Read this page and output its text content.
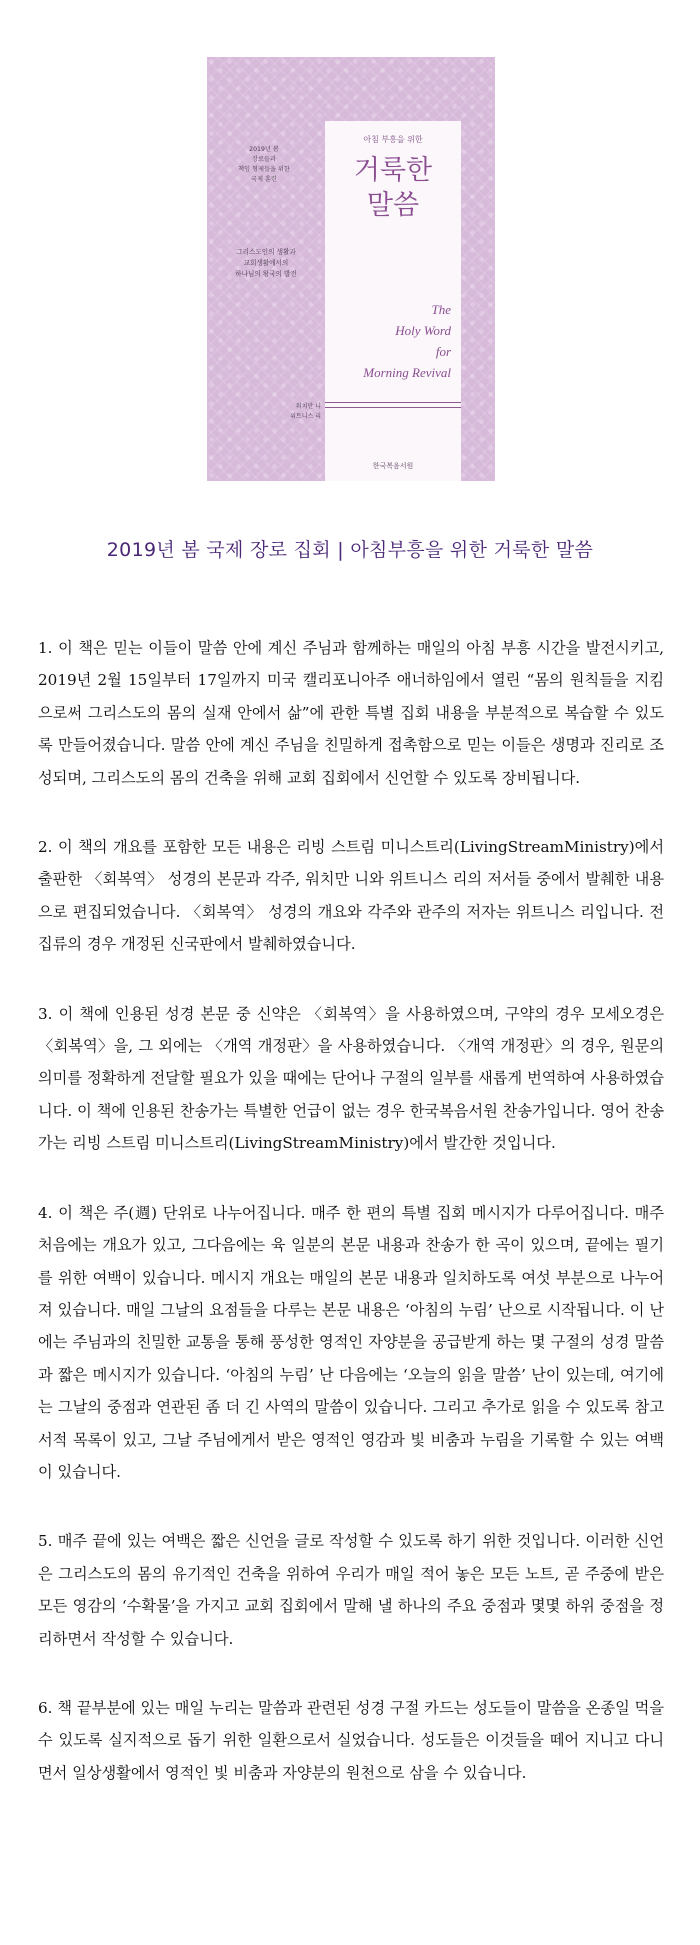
2019년 봄
장로들과
책임 형제들을 위한
국제 훈련
그리스도인의 생활과
교회생활에서의
하나님의 왕국의 발전
워치만 니
위트니스 리
아침 부흥을 위한
거룩한
말씀
The
Holy Word
for
Morning Revival
한국복음서원
2019년 봄 국제 장로 집회 | 아침부흥을 위한 거룩한 말씀

1. 이 책은 믿는 이들이 말씀 안에 계신 주님과 함께하는 매일의 아침 부흥 시간을 발전시키고, 2019년 2월 15일부터 17일까지 미국 캘리포니아주 애너하임에서 열린 “몸의 원칙들을 지킴으로써 그리스도의 몸의 실재 안에서 삶”에 관한 특별 집회 내용을 부분적으로 복습할 수 있도록 만들어졌습니다. 말씀 안에 계신 주님을 친밀하게 접촉함으로 믿는 이들은 생명과 진리로 조성되며, 그리스도의 몸의 건축을 위해 교회 집회에서 신언할 수 있도록 장비됩니다.

2. 이 책의 개요를 포함한 모든 내용은 리빙 스트림 미니스트리(LivingStreamMinistry)에서 출판한 〈회복역〉 성경의 본문과 각주, 워치만 니와 위트니스 리의 저서들 중에서 발췌한 내용으로 편집되었습니다. 〈회복역〉 성경의 개요와 각주와 관주의 저자는 위트니스 리입니다. 전집류의 경우 개정된 신국판에서 발췌하였습니다.

3. 이 책에 인용된 성경 본문 중 신약은 〈회복역〉을 사용하였으며, 구약의 경우 모세오경은 〈회복역〉을, 그 외에는 〈개역 개정판〉을 사용하였습니다. 〈개역 개정판〉의 경우, 원문의 의미를 정확하게 전달할 필요가 있을 때에는 단어나 구절의 일부를 새롭게 번역하여 사용하였습니다. 이 책에 인용된 찬송가는 특별한 언급이 없는 경우 한국복음서원 찬송가입니다. 영어 찬송가는 리빙 스트림 미니스트리(LivingStreamMinistry)에서 발간한 것입니다.

4. 이 책은 주(週) 단위로 나누어집니다. 매주 한 편의 특별 집회 메시지가 다루어집니다. 매주 처음에는 개요가 있고, 그다음에는 육 일분의 본문 내용과 찬송가 한 곡이 있으며, 끝에는 필기를 위한 여백이 있습니다. 메시지 개요는 매일의 본문 내용과 일치하도록 여섯 부분으로 나누어져 있습니다. 매일 그날의 요점들을 다루는 본문 내용은 ‘아침의 누림’ 난으로 시작됩니다. 이 난에는 주님과의 친밀한 교통을 통해 풍성한 영적인 자양분을 공급받게 하는 몇 구절의 성경 말씀과 짧은 메시지가 있습니다. ‘아침의 누림’ 난 다음에는 ‘오늘의 읽을 말씀’ 난이 있는데, 여기에는 그날의 중점과 연관된 좀 더 긴 사역의 말씀이 있습니다. 그리고 추가로 읽을 수 있도록 참고 서적 목록이 있고, 그날 주님에게서 받은 영적인 영감과 빛 비춤과 누림을 기록할 수 있는 여백이 있습니다.

5. 매주 끝에 있는 여백은 짧은 신언을 글로 작성할 수 있도록 하기 위한 것입니다. 이러한 신언은 그리스도의 몸의 유기적인 건축을 위하여 우리가 매일 적어 놓은 모든 노트, 곧 주중에 받은 모든 영감의 ‘수확물’을 가지고 교회 집회에서 말해 낼 하나의 주요 중점과 몇몇 하위 중점을 정리하면서 작성할 수 있습니다.

6. 책 끝부분에 있는 매일 누리는 말씀과 관련된 성경 구절 카드는 성도들이 말씀을 온종일 먹을 수 있도록 실지적으로 돕기 위한 일환으로서 실었습니다. 성도들은 이것들을 떼어 지니고 다니면서 일상생활에서 영적인 빛 비춤과 자양분의 원천으로 삼을 수 있습니다.
